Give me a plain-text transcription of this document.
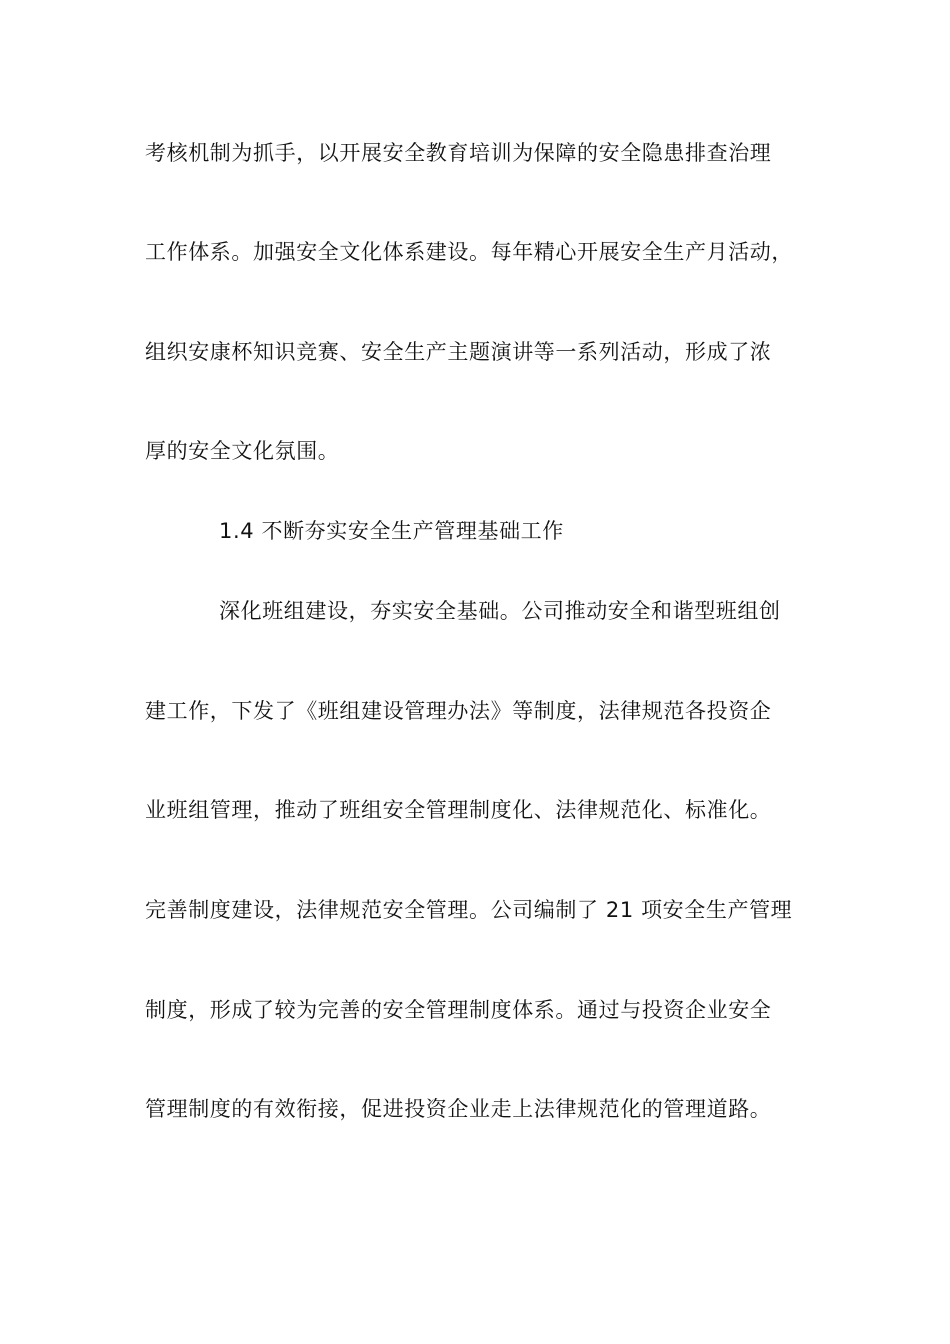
考核机制为抓手，以开展安全教育培训为保障的安全隐患排查治理
工作体系。加强安全文化体系建设。每年精心开展安全生产月活动，
组织安康杯知识竞赛、安全生产主题演讲等一系列活动，形成了浓
厚的安全文化氛围。
1.4 不断夯实安全生产管理基础工作
深化班组建设，夯实安全基础。公司推动安全和谐型班组创
建工作，下发了《班组建设管理办法》等制度，法律规范各投资企
业班组管理，推动了班组安全管理制度化、法律规范化、标准化。
完善制度建设，法律规范安全管理。公司编制了 21 项安全生产管理
制度，形成了较为完善的安全管理制度体系。通过与投资企业安全
管理制度的有效衔接，促进投资企业走上法律规范化的管理道路。
